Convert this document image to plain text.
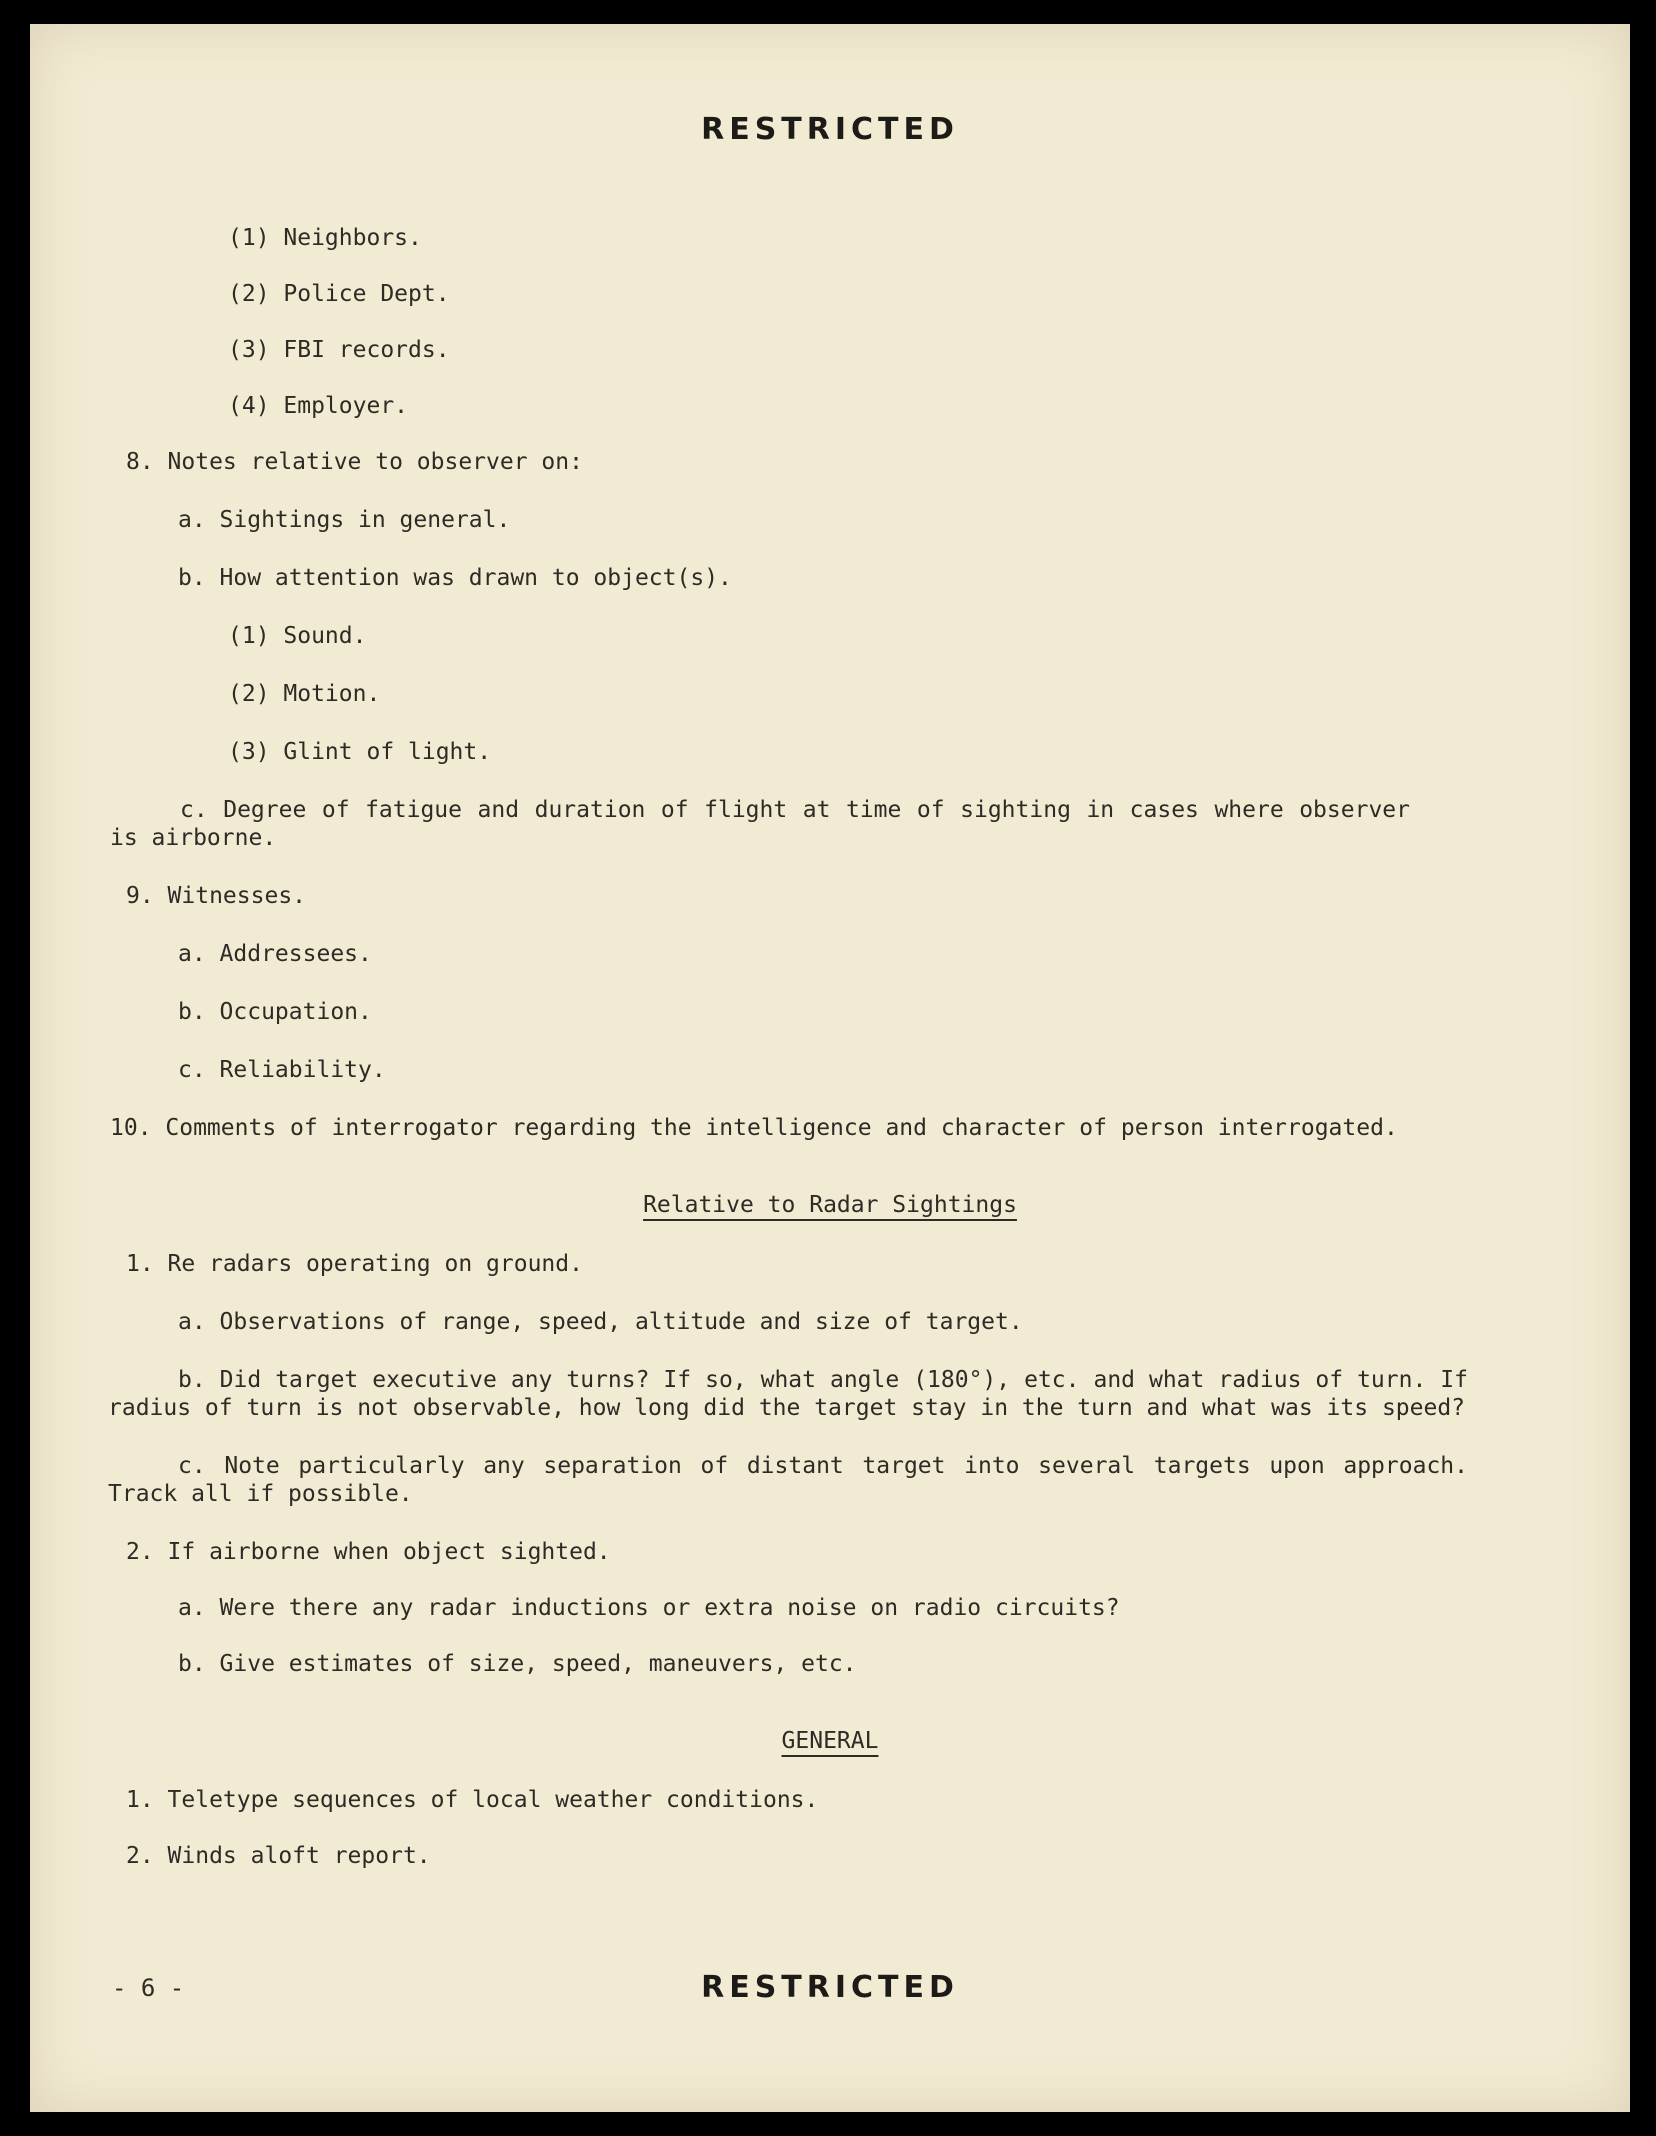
RESTRICTED
(1) Neighbors.
(2) Police Dept.
(3) FBI records.
(4) Employer.
8. Notes relative to observer on:
a. Sightings in general.
b. How attention was drawn to object(s).
(1) Sound.
(2) Motion.
(3) Glint of light.
c. Degree of fatigue and duration of flight at time of sighting in cases where observer is airborne.
9. Witnesses.
a. Addressees.
b. Occupation.
c. Reliability.
10. Comments of interrogator regarding the intelligence and character of person interrogated.
Relative to Radar Sightings
1. Re radars operating on ground.
a. Observations of range, speed, altitude and size of target.
b. Did target executive any turns? If so, what angle (180°), etc. and what radius of turn. If radius of turn is not observable, how long did the target stay in the turn and what was its speed?
c. Note particularly any separation of distant target into several targets upon approach. Track all if possible.
2. If airborne when object sighted.
a. Were there any radar inductions or extra noise on radio circuits?
b. Give estimates of size, speed, maneuvers, etc.
GENERAL
1. Teletype sequences of local weather conditions.
2. Winds aloft report.
- 6 -	RESTRICTED
